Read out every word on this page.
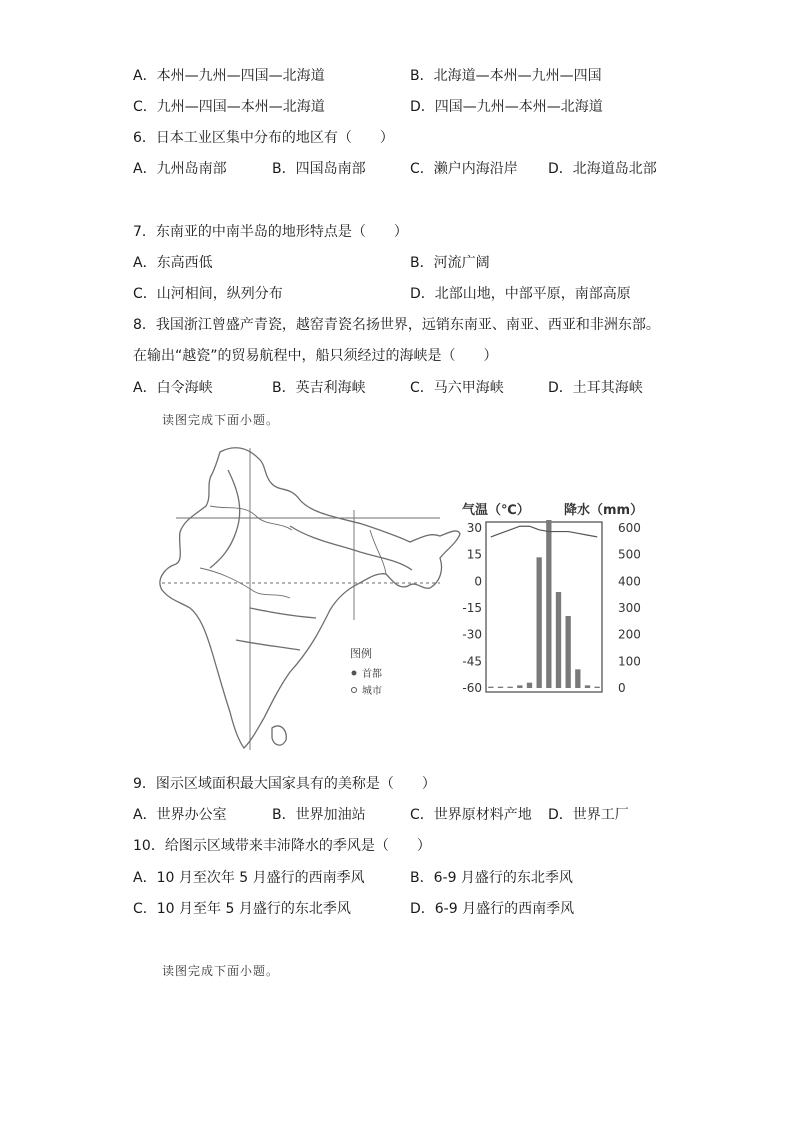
A．本州—九州—四国—北海道	B．北海道—本州—九州—四国
C．九州—四国—本州—北海道	D．四国—九州—本州—北海道
6．日本工业区集中分布的地区有（　　）
A．九州岛南部	B．四国岛南部	C．濑户内海沿岸 D．北海道岛北部
7．东南亚的中南半岛的地形特点是（　　）
A．东高西低	B．河流广阔
C．山河相间，纵列分布	D．北部山地，中部平原，南部高原
8．我国浙江曾盛产青瓷，越窑青瓷名扬世界，远销东南亚、南亚、西亚和非洲东部。
在输出“越瓷”的贸易航程中，船只须经过的海峡是（　　）
A．白令海峡	B．英吉利海峡	C．马六甲海峡	D．土耳其海峡
读图完成下面小题。
图例
首都
城市
气温（℃）	降水（mm）
30
15
0
-15
-30
-45
-60
600
500
400
300
200
100
0
9．图示区域面积最大国家具有的美称是（　　）
A．世界办公室	B．世界加油站	C．世界原材料产地 D．世界工厂
10．给图示区域带来丰沛降水的季风是（　　）
A．10 月至次年 5 月盛行的西南季风	B．6-9 月盛行的东北季风
C．10 月至年 5 月盛行的东北季风	D．6-9 月盛行的西南季风
读图完成下面小题。
